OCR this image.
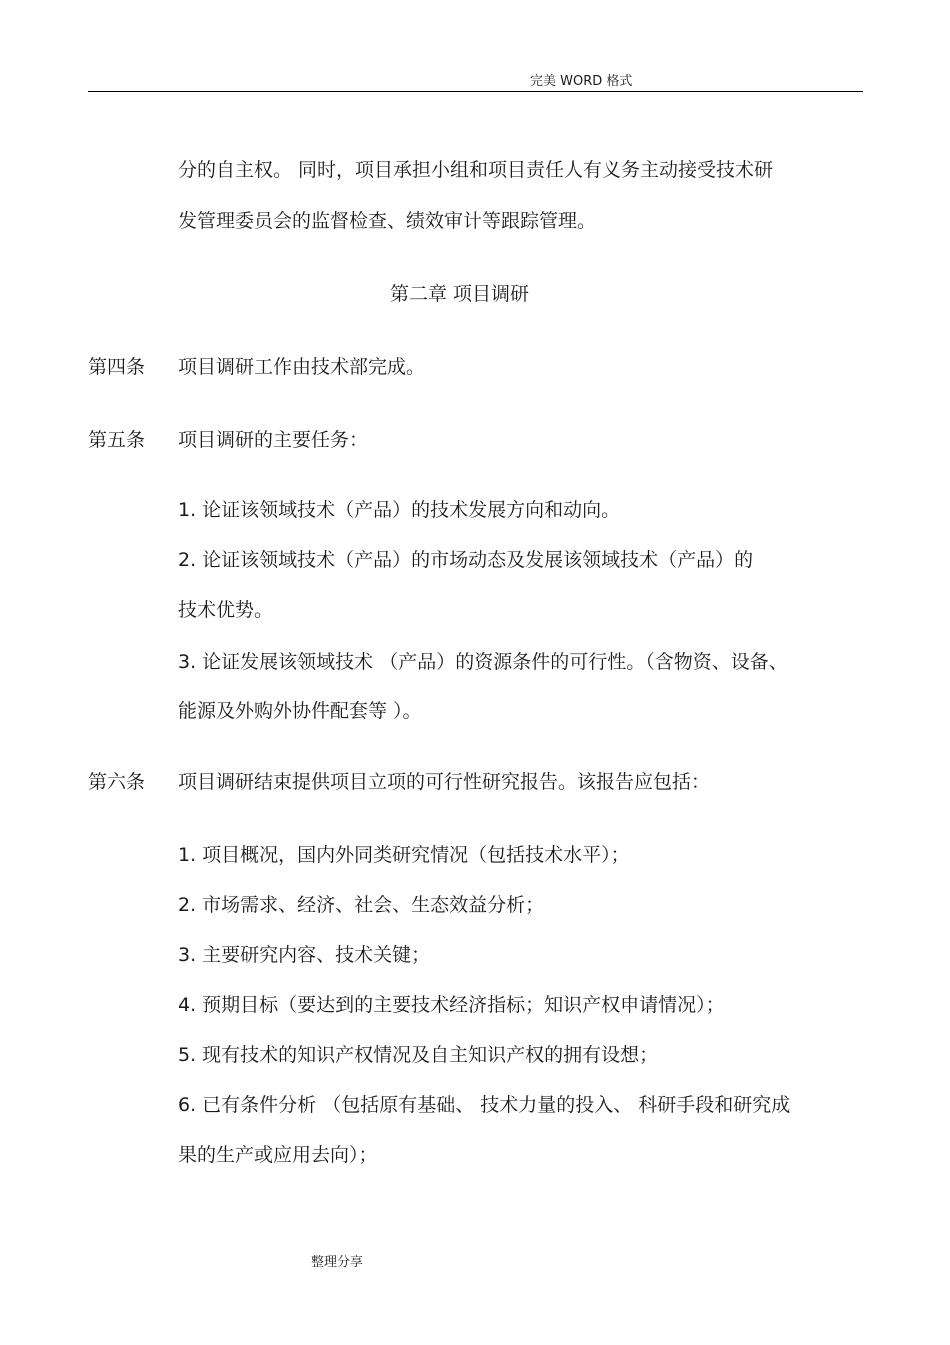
完美 WORD 格式
分的自主权。 同时，项目承担小组和项目责任人有义务主动接受技术研
发管理委员会的监督检查、绩效审计等跟踪管理。
第二章 项目调研
第四条 项目调研工作由技术部完成。
第五条 项目调研的主要任务：
1. 论证该领域技术（产品）的技术发展方向和动向。
2. 论证该领域技术（产品）的市场动态及发展该领域技术（产品）的
技术优势。
3. 论证发展该领域技术 （产品）的资源条件的可行性。（含物资、设备、
能源及外购外协件配套等 ）。
第六条 项目调研结束提供项目立项的可行性研究报告。该报告应包括：
1. 项目概况，国内外同类研究情况（包括技术水平）；
2. 市场需求、经济、社会、生态效益分析；
3. 主要研究内容、技术关键；
4. 预期目标（要达到的主要技术经济指标；知识产权申请情况）；
5. 现有技术的知识产权情况及自主知识产权的拥有设想；
6. 已有条件分析 （包括原有基础、 技术力量的投入、 科研手段和研究成
果的生产或应用去向）；
整理分享
